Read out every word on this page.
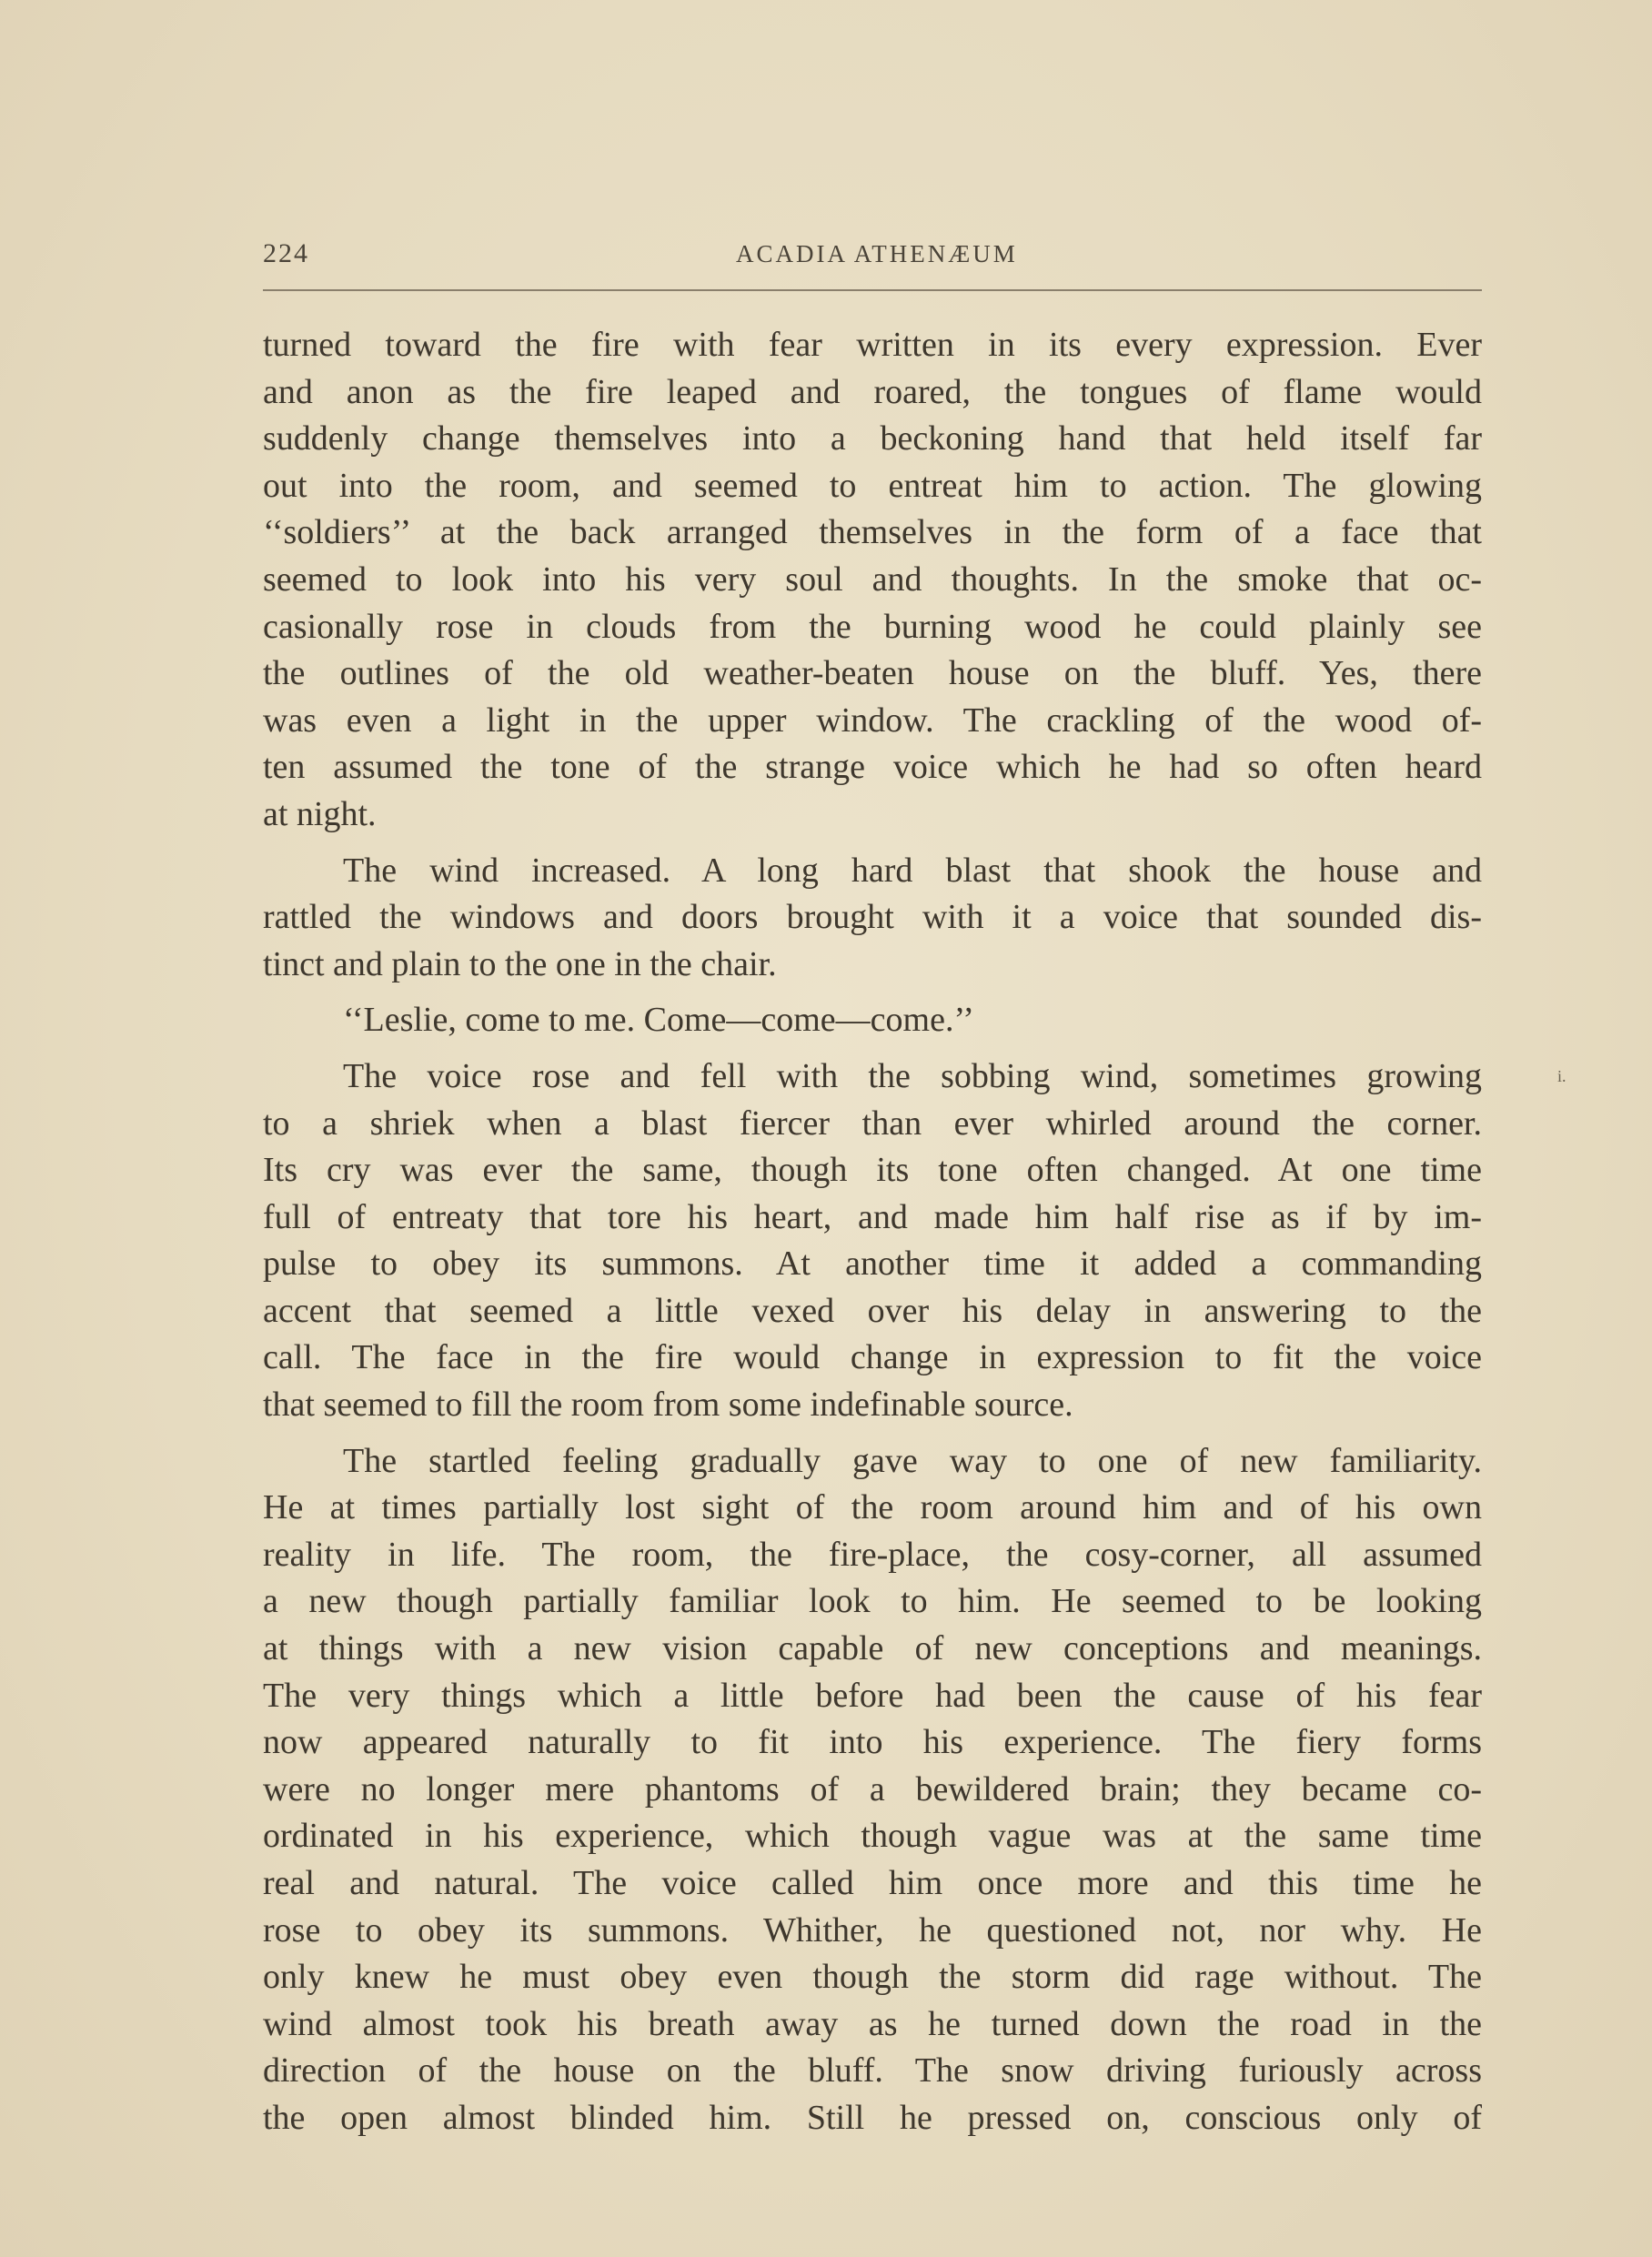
224	ACADIA ATHENÆUM
i.
turned toward the fire with fear written in its every expression. Ever
and anon as the fire leaped and roared, the tongues of flame would
suddenly change themselves into a beckoning hand that held itself far
out into the room, and seemed to entreat him to action. The glowing
‘‘soldiers’’ at the back arranged themselves in the form of a face that
seemed to look into his very soul and thoughts. In the smoke that oc-
casionally rose in clouds from the burning wood he could plainly see
the outlines of the old weather-beaten house on the bluff. Yes, there
was even a light in the upper window. The crackling of the wood of-
ten assumed the tone of the strange voice which he had so often heard
at night.
The wind increased. A long hard blast that shook the house and
rattled the windows and doors brought with it a voice that sounded dis-
tinct and plain to the one in the chair.
‘‘Leslie, come to me. Come—come—come.’’
The voice rose and fell with the sobbing wind, sometimes growing
to a shriek when a blast fiercer than ever whirled around the corner.
Its cry was ever the same, though its tone often changed. At one time
full of entreaty that tore his heart, and made him half rise as if by im-
pulse to obey its summons. At another time it added a commanding
accent that seemed a little vexed over his delay in answering to the
call. The face in the fire would change in expression to fit the voice
that seemed to fill the room from some indefinable source.
The startled feeling gradually gave way to one of new familiarity.
He at times partially lost sight of the room around him and of his own
reality in life. The room, the fire-place, the cosy-corner, all assumed
a new though partially familiar look to him. He seemed to be looking
at things with a new vision capable of new conceptions and meanings.
The very things which a little before had been the cause of his fear
now appeared naturally to fit into his experience. The fiery forms
were no longer mere phantoms of a bewildered brain; they became co-
ordinated in his experience, which though vague was at the same time
real and natural. The voice called him once more and this time he
rose to obey its summons. Whither, he questioned not, nor why. He
only knew he must obey even though the storm did rage without. The
wind almost took his breath away as he turned down the road in the
direction of the house on the bluff. The snow driving furiously across
the open almost blinded him. Still he pressed on, conscious only of
